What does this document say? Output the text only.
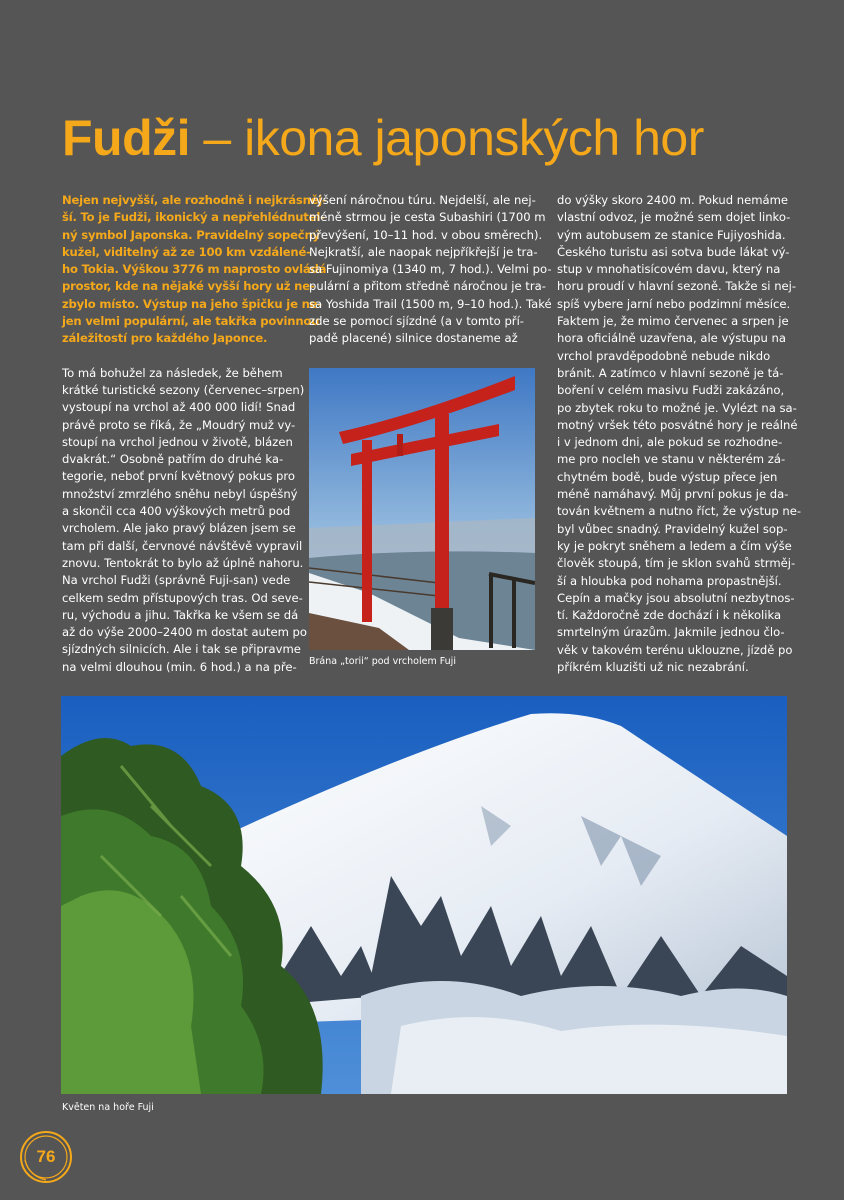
Fudži – ikona japonských hor

Nejen nejvyšší, ale rozhodně i nejkrásněj-

ší. To je Fudži, ikonický a nepřehlédnutel-

ný symbol Japonska. Pravidelný sopečný

kužel, viditelný až ze 100 km vzdálené-

ho Tokia. Výškou 3776 m naprosto ovládá

prostor, kde na nějaké vyšší hory už ne-

zbylo místo. Výstup na jeho špičku je ne-

jen velmi populární, ale takřka povinnou

záležitostí pro každého Japonce.

To má bohužel za následek, že během

krátké turistické sezony (červenec–srpen)

vystoupí na vrchol až 400 000 lidí! Snad

právě proto se říká, že „Moudrý muž vy-

stoupí na vrchol jednou v životě, blázen

dvakrát.“ Osobně patřím do druhé ka-

tegorie, neboť první květnový pokus pro

množství zmrzlého sněhu nebyl úspěšný

a skončil cca 400 výškových metrů pod

vrcholem. Ale jako pravý blázen jsem se

tam při další, červnové návštěvě vypravil

znovu. Tentokrát to bylo až úplně nahoru.

Na vrchol Fudži (správně Fuji-san) vede

celkem sedm přístupových tras. Od seve-

ru, východu a jihu. Takřka ke všem se dá

až do výše 2000–2400 m dostat autem po

sjízdných silnicích. Ale i tak se připravme

na velmi dlouhou (min. 6 hod.) a na pře-

výšení náročnou túru. Nejdelší, ale nej-

méně strmou je cesta Subashiri (1700 m

převýšení, 10–11 hod. v obou směrech).

Nejkratší, ale naopak nejpříkřejší je tra-

sa Fujinomiya (1340 m, 7 hod.). Velmi po-

pulární a přitom středně náročnou je tra-

sa Yoshida Trail (1500 m, 9–10 hod.). Také

zde se pomocí sjízdné (a v tomto pří-

padě placené) silnice dostaneme až

Brána „torii“ pod vrcholem Fuji

do výšky skoro 2400 m. Pokud nemáme

vlastní odvoz, je možné sem dojet linko-

vým autobusem ze stanice Fujiyoshida.

Českého turistu asi sotva bude lákat vý-

stup v mnohatisícovém davu, který na

horu proudí v hlavní sezoně. Takže si nej-

spíš vybere jarní nebo podzimní měsíce.

Faktem je, že mimo červenec a srpen je

hora oficiálně uzavřena, ale výstupu na

vrchol pravděpodobně nebude nikdo

bránit. A zatímco v hlavní sezoně je tá-

boření v celém masivu Fudži zakázáno,

po zbytek roku to možné je. Vylézt na sa-

motný vršek této posvátné hory je reálné

i v jednom dni, ale pokud se rozhodne-

me pro nocleh ve stanu v některém zá-

chytném bodě, bude výstup přece jen

méně namáhavý. Můj první pokus je da-

tován květnem a nutno říct, že výstup ne-

byl vůbec snadný. Pravidelný kužel sop-

ky je pokryt sněhem a ledem a čím výše

člověk stoupá, tím je sklon svahů strměj-

ší a hloubka pod nohama propastnější.

Cepín a mačky jsou absolutní nezbytnos-

tí. Každoročně zde dochází i k několika

smrtelným úrazům. Jakmile jednou člo-

věk v takovém terénu uklouzne, jízdě po

příkrém kluzišti už nic nezabrání.

Květen na hoře Fuji
76
